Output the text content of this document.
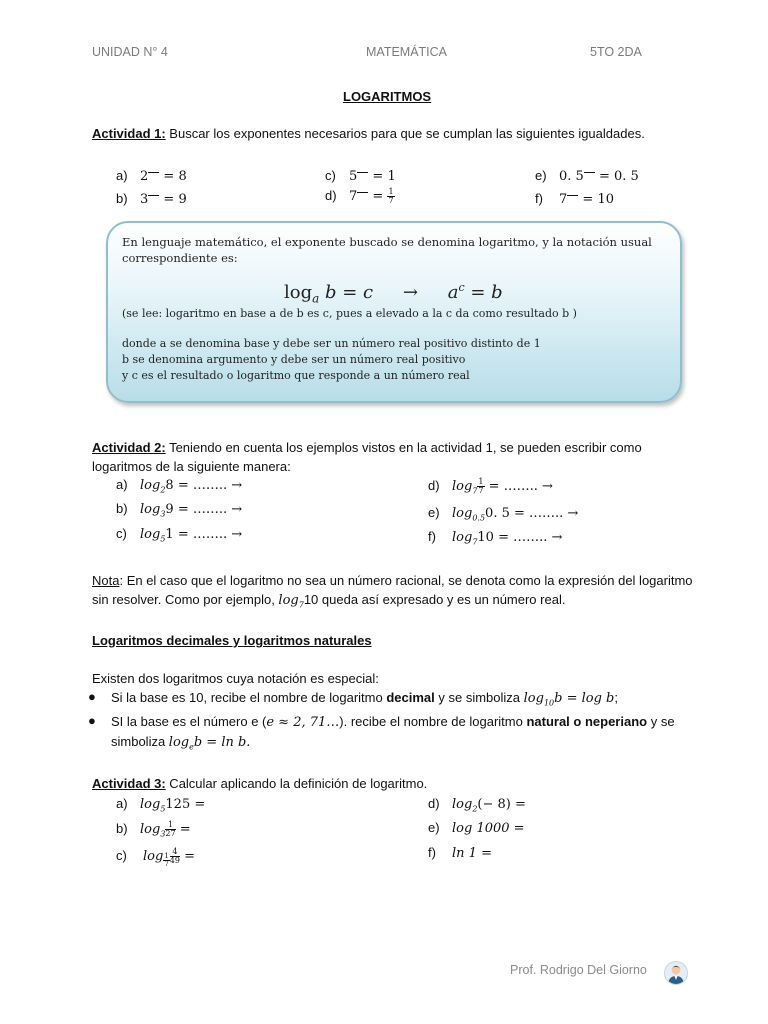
UNIDAD N° 4	MATEMÁTICA	5TO 2DA
LOGARITMOS
Actividad 1: Buscar los exponentes necesarios para que se cumplan las siguientes igualdades.
a) 2 = 8
b) 3 = 9
c) 5 = 1
d) $7 = \frac{1}{7}$
e) 0. 5 = 0. 5
f) 7 = 10
En lenguaje matemático, el exponente buscado se denomina logaritmo, y la notación usual
correspondiente es:
$\log_a b = c \to a^c = b$
(se lee: logaritmo en base a de b es c, pues a elevado a la c da como resultado b )
donde a se denomina base y debe ser un número real positivo distinto de 1
b se denomina argumento y debe ser un número real positivo
y c es el resultado o logaritmo que responde a un número real
Actividad 2: Teniendo en cuenta los ejemplos vistos en la actividad 1, se pueden escribir como
logaritmos de la siguiente manera:
a) $\log_28$ = …….. →
b) $\log_39$ = …….. →
c) $\log_51$ = …….. →
d) $\log_7 \frac{1}{7}$ = …….. →
e) $\log_{0.5}0$. 5 = …….. →
f) $\log_710$ = …….. →
Nota: En el caso que el logaritmo no sea un número racional, se denota como la expresión del logaritmo
sin resolver. Como por ejemplo, $\log_710$ queda así expresado y es un número real.
Logaritmos decimales y logaritmos naturales
Existen dos logaritmos cuya notación es especial:
● Si la base es 10, recibe el nombre de logaritmo decimal y se simboliza $\log_{10}b = \log b$;
● SI la base es el número e (e ≈ 2, 71…). recibe el nombre de logaritmo natural o neperiano y se
simboliza $\log_eb = \ln b$.
Actividad 3: Calcular aplicando la definición de logaritmo.
a) $\log_5125$ =
b) $\log_3 \frac{1}{27}$ =
c) $\log _{\frac{1}{7}} \frac{4}{49}$ =
d) $\log_2(- 8)$ =
e) log 1000 =
f) ln 1 =
Prof. Rodrigo Del Giorno
